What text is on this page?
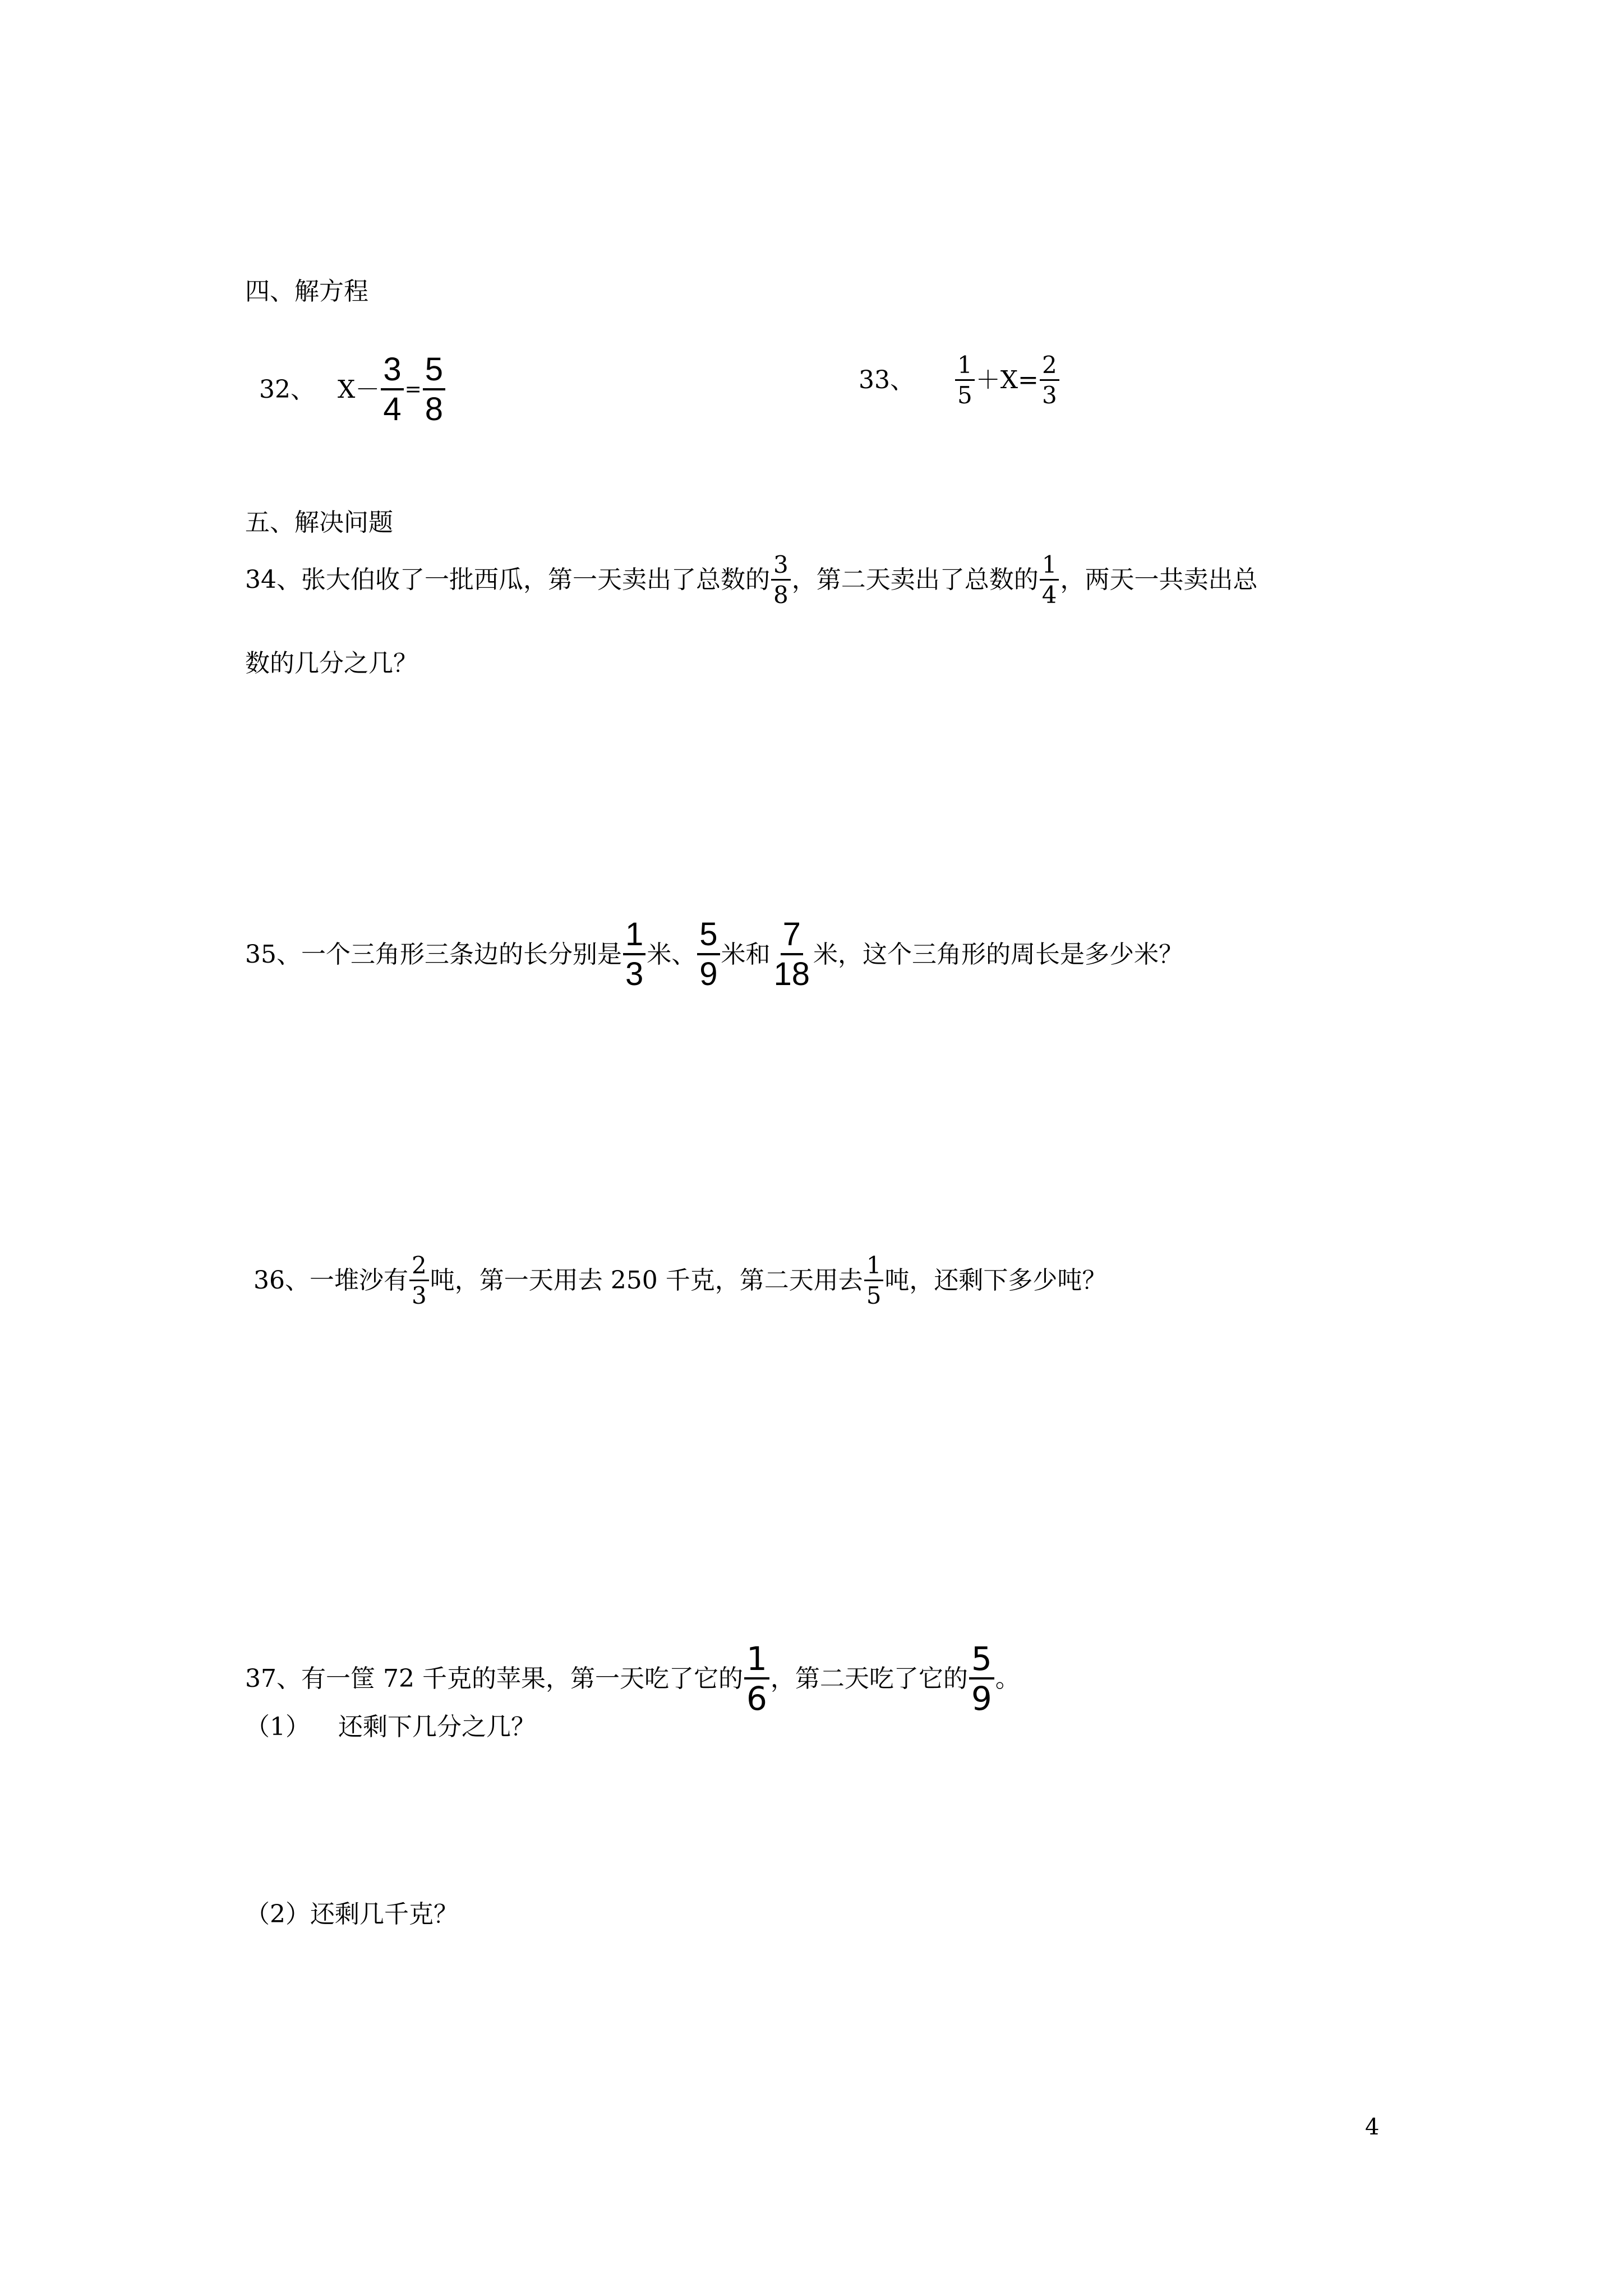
四、解方程
32、 $X- \frac{3}{4} = \frac{5}{8}$	33、 $\frac{1}{5} +X= \frac{2}{3}$
五、解决问题
34、张大伯收了一批西瓜，第一天卖出了总数的 $\frac{3}{8}$ ，第二天卖出了总数的 $\frac{1}{4}$ ，两天一共卖出总
数的几分之几？
35、一个三角形三条边的长分别是 $\frac{1}{3}$ 米、 $\frac{5}{9}$ 米和 $\frac{7}{18}$ 米，这个三角形的周长是多少米？
36、一堆沙有 $\frac{2}{3}$ 吨，第一天用去 250 千克，第二天用去 $\frac{1}{5}$ 吨，还剩下多少吨？
37、有一筐 72 千克的苹果，第一天吃了它的 $\frac{1}{6}$ ，第二天吃了它的 $\frac{5}{9}$ 。
（1） 还剩下几分之几？
（2）还剩几千克？
4
